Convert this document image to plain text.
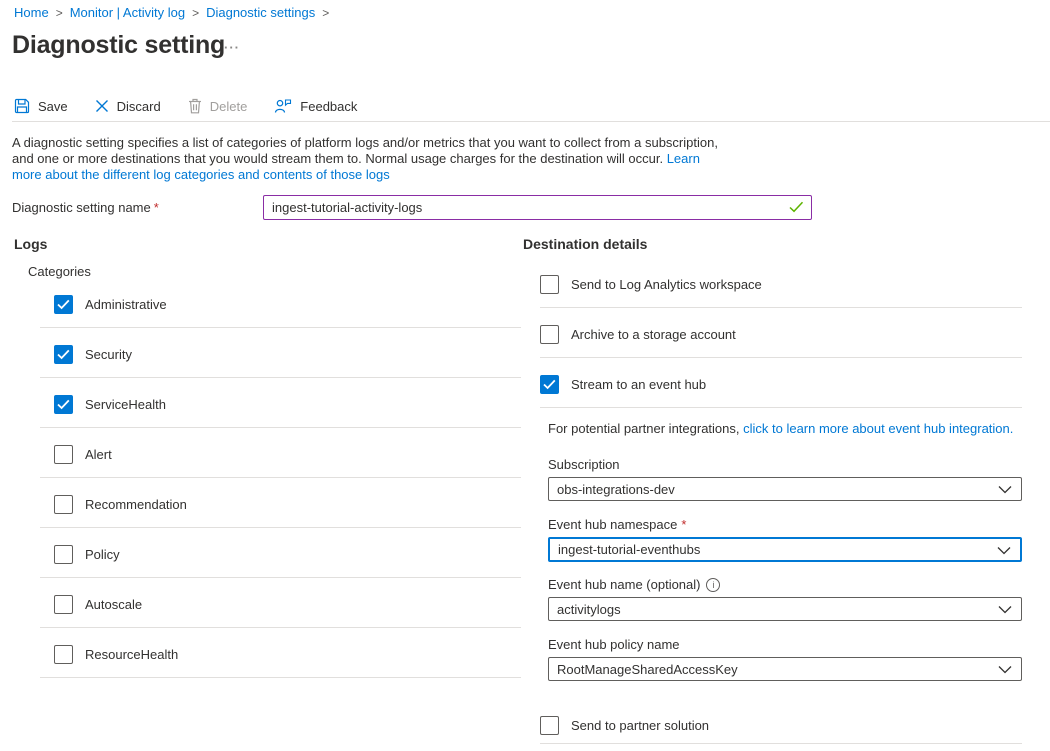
Home > Monitor | Activity log > Diagnostic settings >
Diagnostic setting
···
Save	Discard	Delete	Feedback

A diagnostic setting specifies a list of categories of platform logs and/or metrics that you want to collect from a subscription, and one or more destinations that you would stream them to. Normal usage charges for the destination will occur. Learn more about the different log categories and contents of those logs

Diagnostic setting name *
ingest-tutorial-activity-logs
Logs
Categories
Administrative
Security
ServiceHealth
Alert
Recommendation
Policy
Autoscale
ResourceHealth
Destination details
Send to Log Analytics workspace
Archive to a storage account
Stream to an event hub

For potential partner integrations, click to learn more about event hub integration.

Subscription
obs-integrations-dev
Event hub namespace *
ingest-tutorial-eventhubs
Event hub name (optional)	i
activitylogs
Event hub policy name
RootManageSharedAccessKey
Send to partner solution
